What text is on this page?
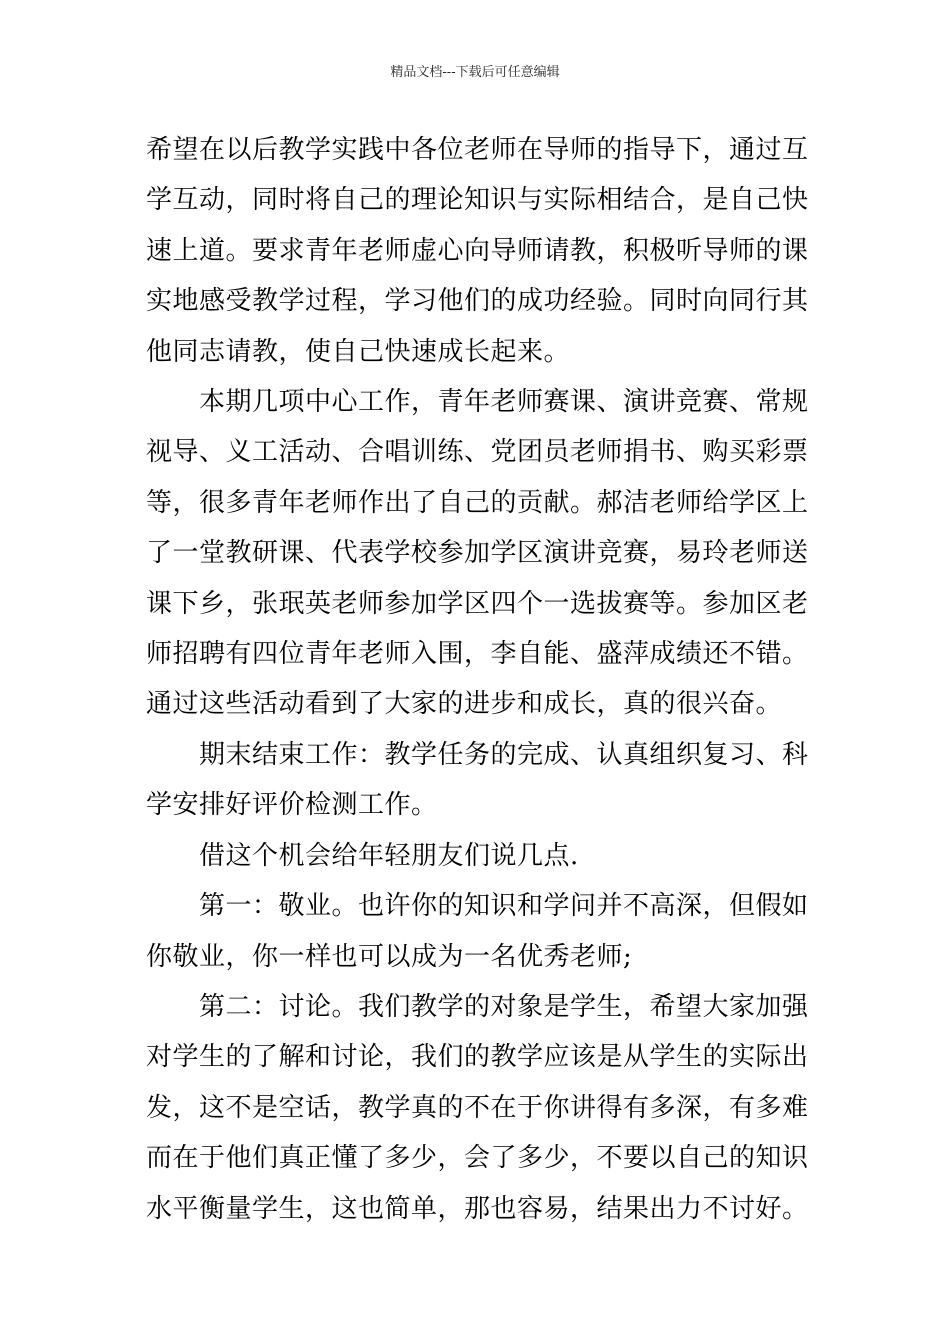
精品文档---下载后可任意编辑

希望在以后教学实践中各位老师在导师的指导下，通过互学互动，同时将自己的理论知识与实际相结合，是自己快速上道。要求青年老师虚心向导师请教，积极听导师的课实地感受教学过程，学习他们的成功经验。同时向同行其他同志请教，使自己快速成长起来。

本期几项中心工作，青年老师赛课、演讲竞赛、常规视导、义工活动、合唱训练、党团员老师捐书、购买彩票等，很多青年老师作出了自己的贡献。郝洁老师给学区上了一堂教研课、代表学校参加学区演讲竞赛，易玲老师送课下乡，张珉英老师参加学区四个一选拔赛等。参加区老师招聘有四位青年老师入围，李自能、盛萍成绩还不错。通过这些活动看到了大家的进步和成长，真的很兴奋。

期末结束工作：教学任务的完成、认真组织复习、科学安排好评价检测工作。

借这个机会给年轻朋友们说几点.

第一：敬业。也许你的知识和学问并不高深，但假如你敬业，你一样也可以成为一名优秀老师;

第二：讨论。我们教学的对象是学生，希望大家加强对学生的了解和讨论，我们的教学应该是从学生的实际出发，这不是空话，教学真的不在于你讲得有多深，有多难而在于他们真正懂了多少，会了多少，不要以自己的知识水平衡量学生，这也简单，那也容易，结果出力不讨好。
